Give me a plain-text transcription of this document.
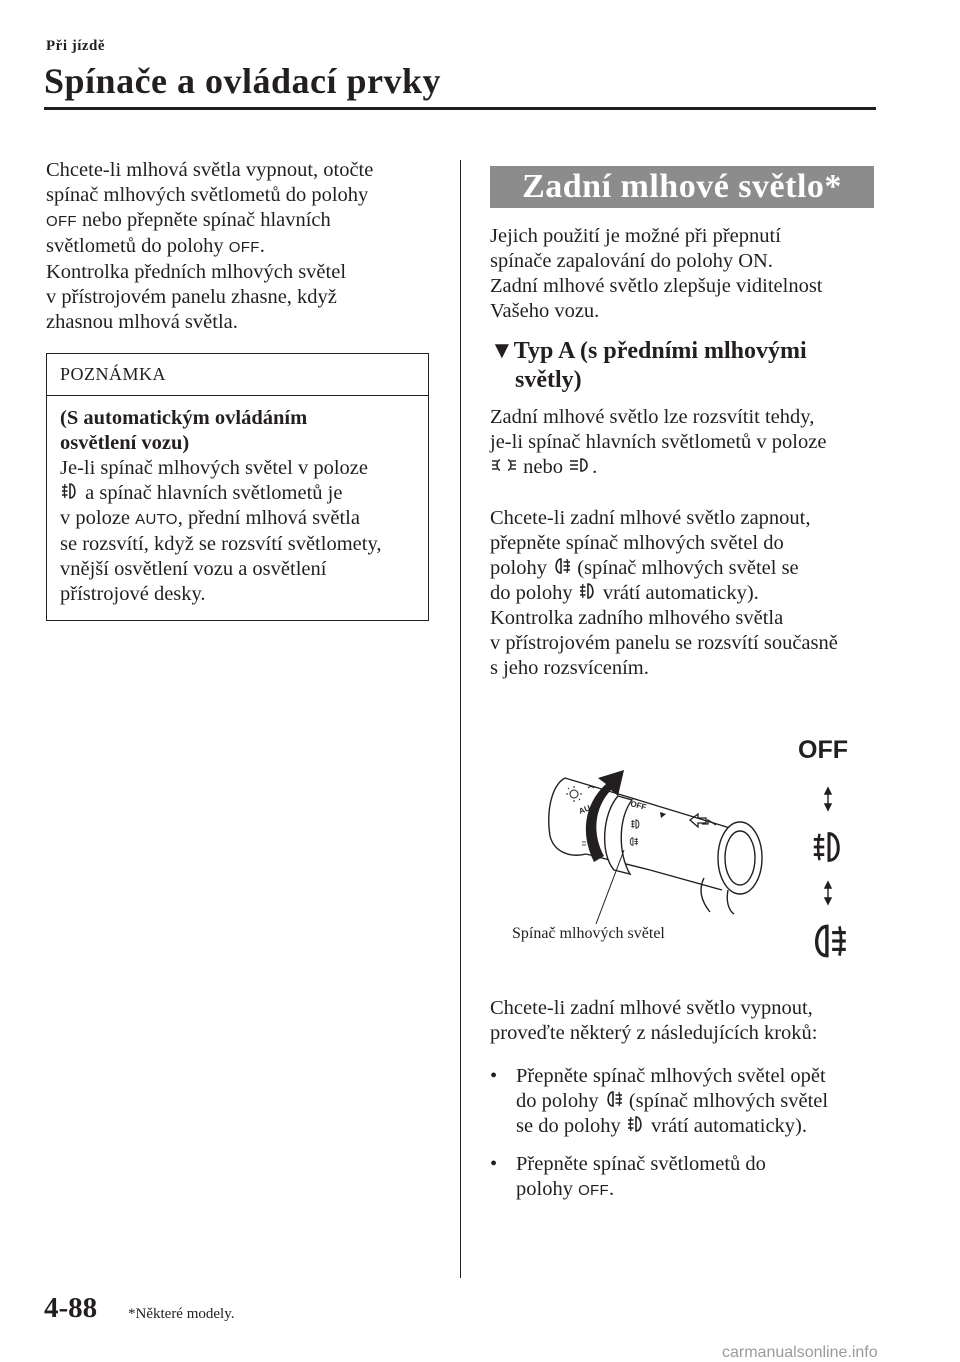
Při jízdě
Spínače a ovládací prvky
Chcete-li mlhová světla vypnout, otočte
spínač mlhových světlometů do polohy
OFF nebo přepněte spínač hlavních
světlometů do polohy OFF.
Kontrolka předních mlhových světel
v přístrojovém panelu zhasne, když
zhasnou mlhová světla.
POZNÁMKA
(S automatickým ovládáním
osvětlení vozu)
Je-li spínač mlhových světel v poloze
a spínač hlavních světlometů je
v poloze AUTO, přední mlhová světla
se rozsvítí, když se rozsvítí světlomety,
vnější osvětlení vozu a osvětlení
přístrojové desky.
Zadní mlhové světlo*
Jejich použití je možné při přepnutí
spínače zapalování do polohy ON.
Zadní mlhové světlo zlepšuje viditelnost
Vašeho vozu.
▼Typ A (s předními mlhovými
světly)
Zadní mlhové světlo lze rozsvítit tehdy,
je-li spínač hlavních světlometů v poloze
nebo .
Chcete-li zadní mlhové světlo zapnout,
přepněte spínač mlhových světel do
polohy  (spínač mlhových světel se
do polohy  vrátí automaticky).
Kontrolka zadního mlhového světla
v přístrojovém panelu se rozsvítí současně
s jeho rozsvícením.
AU	OFF
OFF
Spínač mlhových světel
Chcete-li zadní mlhové světlo vypnout,
proveďte některý z následujících kroků:
• Přepněte spínač mlhových světel opět
do polohy  (spínač mlhových světel
se do polohy  vrátí automaticky).
• Přepněte spínač světlometů do
polohy OFF.
4-88 *Některé modely.
carmanualsonline.info
